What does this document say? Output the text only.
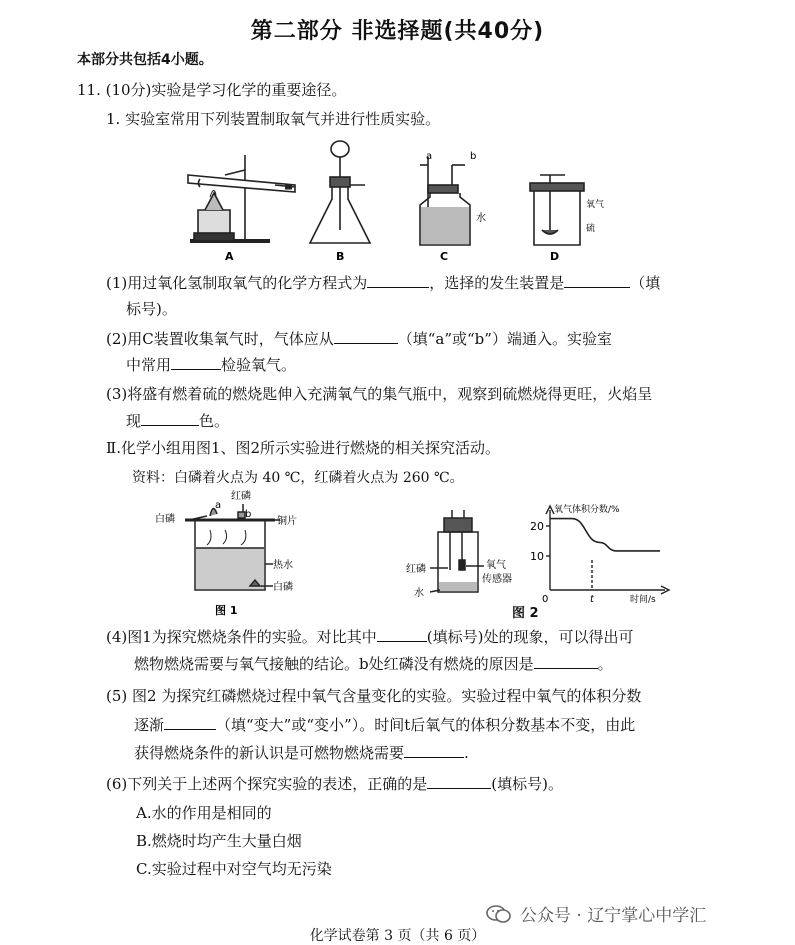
第二部分 非选择题(共40分)
本部分共包括4小题。
11. (10分)实验是学习化学的重要途径。
1. 实验室常用下列装置制取氧气并进行性质实验。
A	B
a	b
水
C
氧气
硫
D
(1)用过氧化氢制取氧气的化学方程式为	，选择的发生装置是	（填
标号)。
(2)用C装置收集氧气时，气体应从	（填“a”或“b”）端通入。实验室
中常用	检验氧气。
(3)将盛有燃着硫的燃烧匙伸入充满氧气的集气瓶中，观察到硫燃烧得更旺，火焰呈
现	色。
Ⅱ.化学小组用图1、图2所示实验进行燃烧的相关探究活动。
资料：白磷着火点为 40 ℃，红磷着火点为 260 ℃。
a
b
红磷
白磷	铜片
热水
白磷
图 1
红磷
水
氧气
传感器
氧气体积分数/%
20
10
0	t	时间/s
图 2
(4)图1为探究燃烧条件的实验。对比其中	(填标号)处的现象，可以得出可
燃物燃烧需要与氧气接触的结论。b处红磷没有燃烧的原因是	。
(5) 图2 为探究红磷燃烧过程中氧气含量变化的实验。实验过程中氧气的体积分数
逐渐	（填“变大”或“变小”）。时间t后氧气的体积分数基本不变，由此
获得燃烧条件的新认识是可燃物燃烧需要	.
(6)下列关于上述两个探究实验的表述，正确的是	(填标号)。
A.水的作用是相同的
B.燃烧时均产生大量白烟
C.实验过程中对空气均无污染
公众号 · 辽宁掌心中学汇
化学试卷第 3 页（共 6 页）
